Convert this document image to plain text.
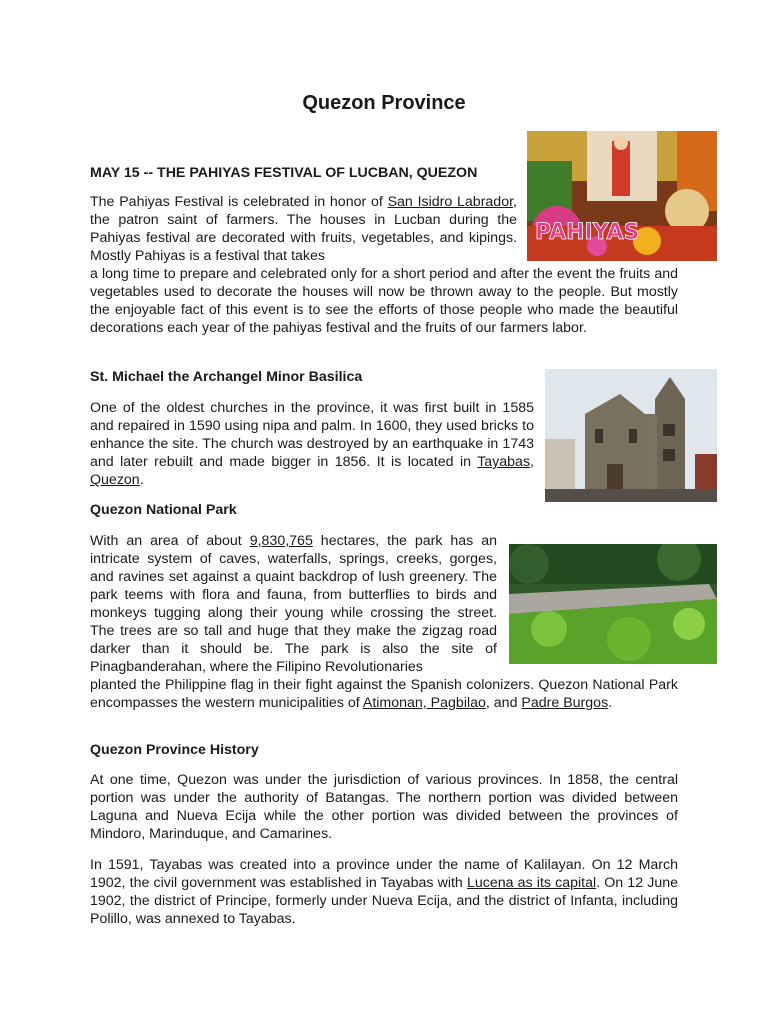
Quezon Province
MAY 15 -- THE PAHIYAS FESTIVAL OF LUCBAN, QUEZON
PAHIYAS

The Pahiyas Festival is celebrated in honor of San Isidro Labrador, the patron saint of farmers. The houses in Lucban during the Pahiyas festival are decorated with fruits, vegetables, and kipings. Mostly Pahiyas is a festival that takes

a long time to prepare and celebrated only for a short period and after the event the fruits and vegetables used to decorate the houses will now be thrown away to the people. But mostly the enjoyable fact of this event is to see the efforts of those people who made the beautiful decorations each year of the pahiyas festival and the fruits of our farmers labor.

St. Michael the Archangel Minor Basilica

One of the oldest churches in the province, it was first built in 1585 and repaired in 1590 using nipa and palm. In 1600, they used bricks to enhance the site. The church was destroyed by an earthquake in 1743 and later rebuilt and made bigger in 1856. It is located in Tayabas, Quezon.

Quezon National Park

With an area of about 9,830,765 hectares, the park has an intricate system of caves, waterfalls, springs, creeks, gorges, and ravines set against a quaint backdrop of lush greenery. The park teems with flora and fauna, from butterflies to birds and monkeys tugging along their young while crossing the street. The trees are so tall and huge that they make the zigzag road darker than it should be. The park is also the site of Pinagbanderahan, where the Filipino Revolutionaries

planted the Philippine flag in their fight against the Spanish colonizers. Quezon National Park encompasses the western municipalities of Atimonan, Pagbilao, and Padre Burgos.

Quezon Province History

At one time, Quezon was under the jurisdiction of various provinces. In 1858, the central portion was under the authority of Batangas. The northern portion was divided between Laguna and Nueva Ecija while the other portion was divided between the provinces of Mindoro, Marinduque, and Camarines.

In 1591, Tayabas was created into a province under the name of Kalilayan. On 12 March 1902, the civil government was established in Tayabas with Lucena as its capital. On 12 June 1902, the district of Principe, formerly under Nueva Ecija, and the district of Infanta, including Polillo, was annexed to Tayabas.
